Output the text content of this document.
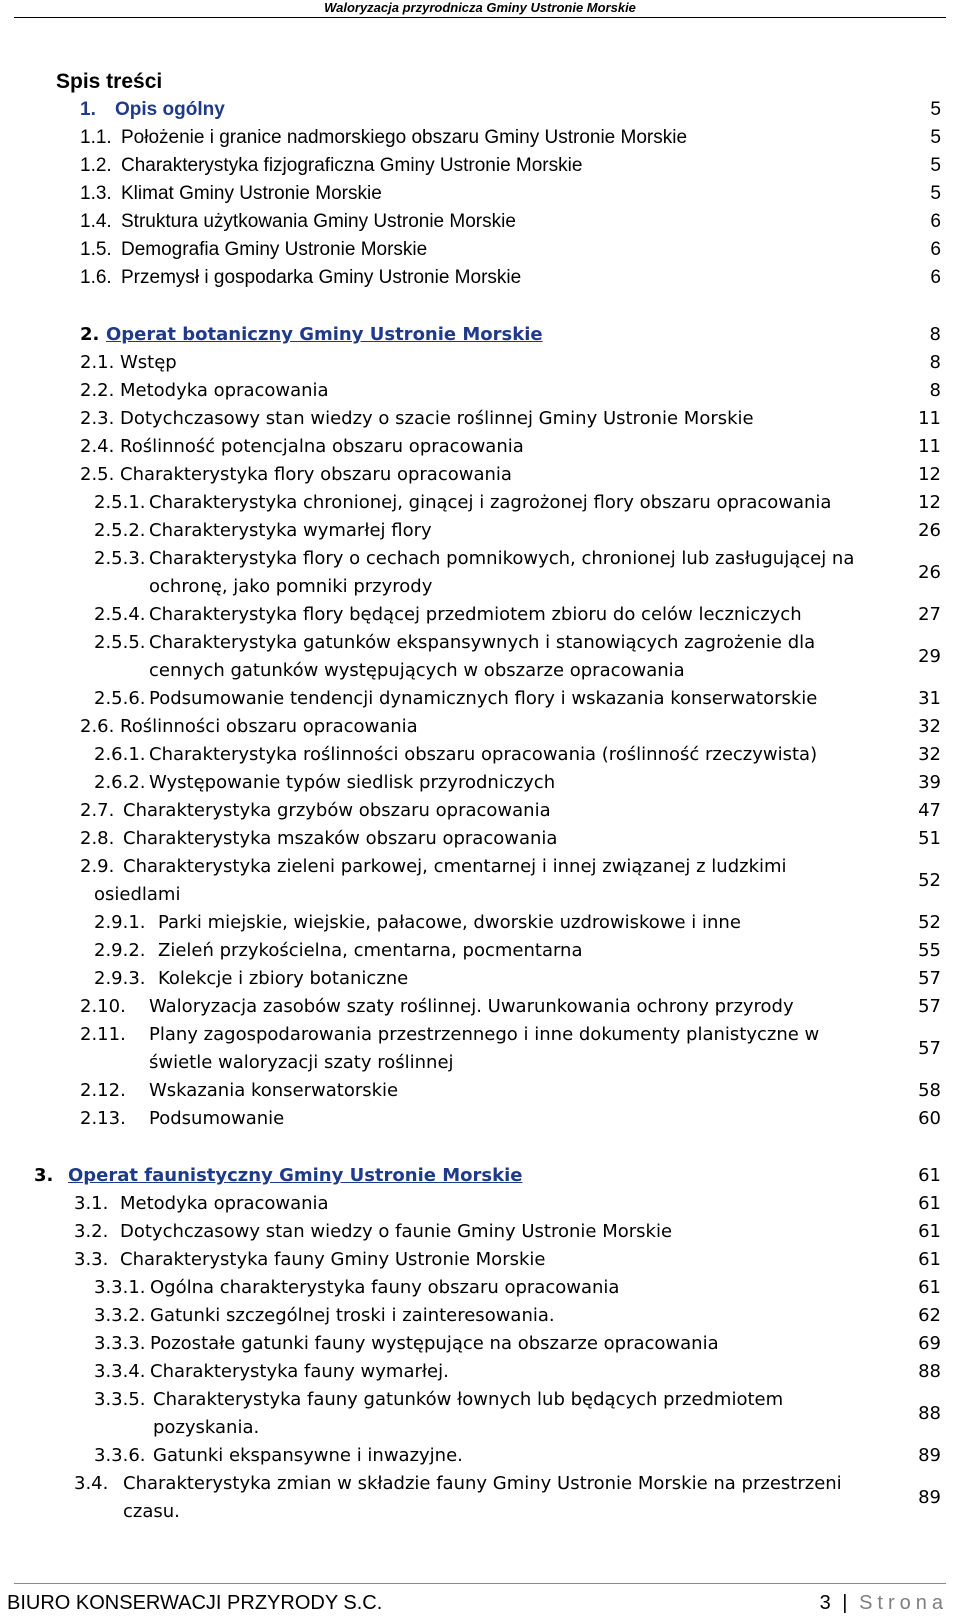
Waloryzacja przyrodnicza Gminy Ustronie Morskie
Spis treści
1. Opis ogólny	5
1.1. Położenie i granice nadmorskiego obszaru Gminy Ustronie Morskie	5
1.2. Charakterystyka fizjograficzna Gminy Ustronie Morskie	5
1.3. Klimat Gminy Ustronie Morskie	5
1.4. Struktura użytkowania Gminy Ustronie Morskie	6
1.5. Demografia Gminy Ustronie Morskie	6
1.6. Przemysł i gospodarka Gminy Ustronie Morskie	6
2. Operat botaniczny Gminy Ustronie Morskie	8
2.1. Wstęp	8
2.2. Metodyka opracowania	8
2.3. Dotychczasowy stan wiedzy o szacie roślinnej Gminy Ustronie Morskie	11
2.4. Roślinność potencjalna obszaru opracowania	11
2.5. Charakterystyka flory obszaru opracowania	12
2.5.1. Charakterystyka chronionej, ginącej i zagrożonej flory obszaru opracowania	12
2.5.2. Charakterystyka wymarłej flory	26
2.5.3. Charakterystyka flory o cechach pomnikowych, chronionej lub zasługującej na
ochronę, jako pomniki przyrody
26
2.5.4. Charakterystyka flory będącej przedmiotem zbioru do celów leczniczych	27
2.5.5. Charakterystyka gatunków ekspansywnych i stanowiących zagrożenie dla
cennych gatunków występujących w obszarze opracowania
29
2.5.6. Podsumowanie tendencji dynamicznych flory i wskazania konserwatorskie	31
2.6. Roślinności obszaru opracowania	32
2.6.1. Charakterystyka roślinności obszaru opracowania (roślinność rzeczywista)	32
2.6.2. Występowanie typów siedlisk przyrodniczych	39
2.7. Charakterystyka grzybów obszaru opracowania	47
2.8. Charakterystyka mszaków obszaru opracowania	51
2.9. Charakterystyka zieleni parkowej, cmentarnej i innej związanej z ludzkimi
osiedlami
52
2.9.1. Parki miejskie, wiejskie, pałacowe, dworskie uzdrowiskowe i inne	52
2.9.2. Zieleń przykościelna, cmentarna, pocmentarna	55
2.9.3. Kolekcje i zbiory botaniczne	57
2.10. Waloryzacja zasobów szaty roślinnej. Uwarunkowania ochrony przyrody	57
2.11. Plany zagospodarowania przestrzennego i inne dokumenty planistyczne w
świetle waloryzacji szaty roślinnej
57
2.12. Wskazania konserwatorskie	58
2.13. Podsumowanie	60
3. Operat faunistyczny Gminy Ustronie Morskie	61
3.1. Metodyka opracowania	61
3.2. Dotychczasowy stan wiedzy o faunie Gminy Ustronie Morskie	61
3.3. Charakterystyka fauny Gminy Ustronie Morskie	61
3.3.1. Ogólna charakterystyka fauny obszaru opracowania	61
3.3.2. Gatunki szczególnej troski i zainteresowania.	62
3.3.3. Pozostałe gatunki fauny występujące na obszarze opracowania	69
3.3.4. Charakterystyka fauny wymarłej.	88
3.3.5. Charakterystyka fauny gatunków łownych lub będących przedmiotem
pozyskania.
88
3.3.6. Gatunki ekspansywne i inwazyjne.	89
3.4. Charakterystyka zmian w składzie fauny Gminy Ustronie Morskie na przestrzeni
czasu.
89
BIURO KONSERWACJI PRZYRODY S.C.	3 | Strona
